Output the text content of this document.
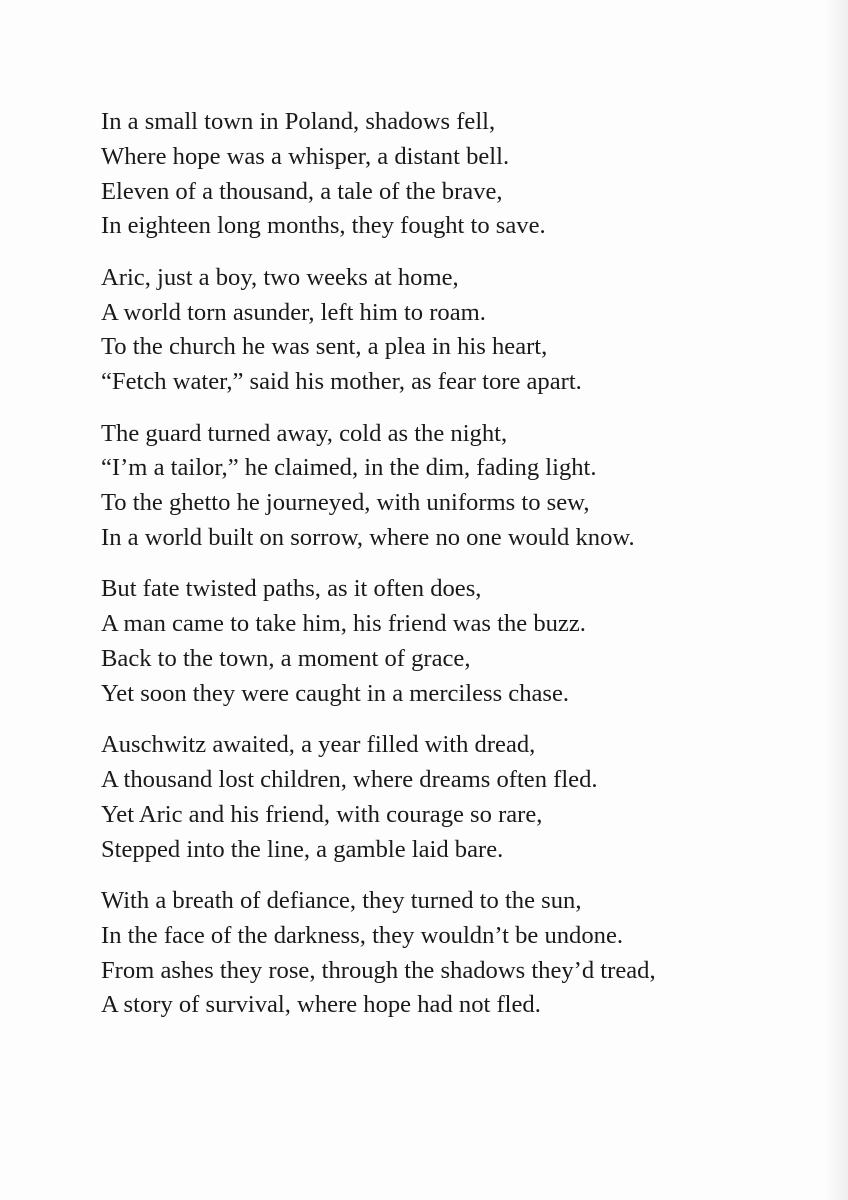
In a small town in Poland, shadows fell,
Where hope was a whisper, a distant bell.
Eleven of a thousand, a tale of the brave,
In eighteen long months, they fought to save.
Aric, just a boy, two weeks at home,
A world torn asunder, left him to roam.
To the church he was sent, a plea in his heart,
“Fetch water,” said his mother, as fear tore apart.
The guard turned away, cold as the night,
“I’m a tailor,” he claimed, in the dim, fading light.
To the ghetto he journeyed, with uniforms to sew,
In a world built on sorrow, where no one would know.
But fate twisted paths, as it often does,
A man came to take him, his friend was the buzz.
Back to the town, a moment of grace,
Yet soon they were caught in a merciless chase.
Auschwitz awaited, a year filled with dread,
A thousand lost children, where dreams often fled.
Yet Aric and his friend, with courage so rare,
Stepped into the line, a gamble laid bare.
With a breath of defiance, they turned to the sun,
In the face of the darkness, they wouldn’t be undone.
From ashes they rose, through the shadows they’d tread,
A story of survival, where hope had not fled.
